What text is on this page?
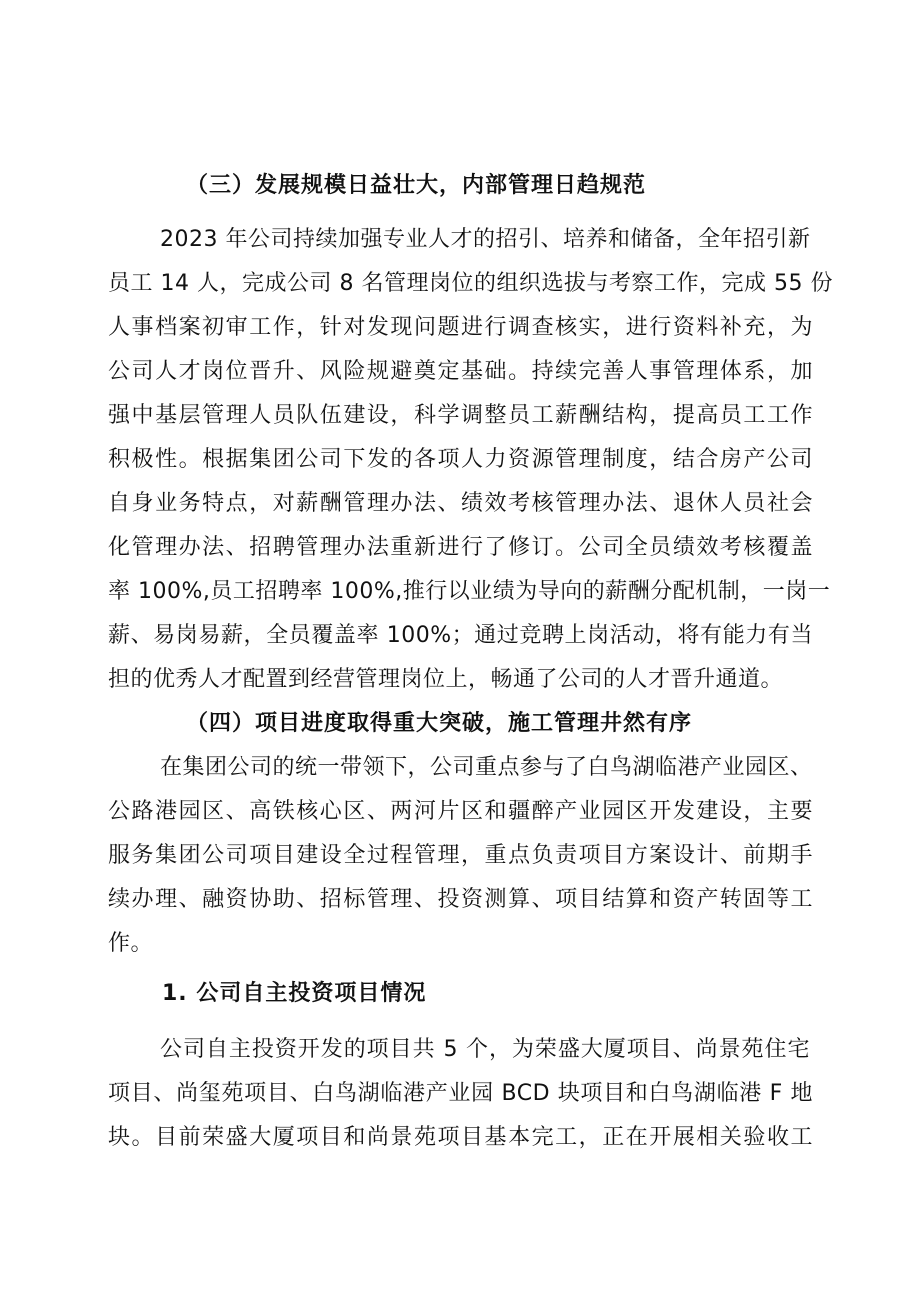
（三）发展规模日益壮大，内部管理日趋规范
2023 年公司持续加强专业人才的招引、培养和储备，全年招引新
员工 14 人，完成公司 8 名管理岗位的组织选拔与考察工作，完成 55 份
人事档案初审工作，针对发现问题进行调查核实，进行资料补充，为
公司人才岗位晋升、风险规避奠定基础。持续完善人事管理体系，加
强中基层管理人员队伍建设，科学调整员工薪酬结构，提高员工工作
积极性。根据集团公司下发的各项人力资源管理制度，结合房产公司
自身业务特点，对薪酬管理办法、绩效考核管理办法、退休人员社会
化管理办法、招聘管理办法重新进行了修订。公司全员绩效考核覆盖
率 100%,员工招聘率 100%,推行以业绩为导向的薪酬分配机制，一岗一
薪、易岗易薪，全员覆盖率 100%；通过竞聘上岗活动，将有能力有当
担的优秀人才配置到经营管理岗位上，畅通了公司的人才晋升通道。
（四）项目进度取得重大突破，施工管理井然有序
在集团公司的统一带领下，公司重点参与了白鸟湖临港产业园区、
公路港园区、高铁核心区、两河片区和疆醉产业园区开发建设，主要
服务集团公司项目建设全过程管理，重点负责项目方案设计、前期手
续办理、融资协助、招标管理、投资测算、项目结算和资产转固等工
作。
1. 公司自主投资项目情况
公司自主投资开发的项目共 5 个，为荣盛大厦项目、尚景苑住宅
项目、尚玺苑项目、白鸟湖临港产业园 BCD 块项目和白鸟湖临港 F 地
块。目前荣盛大厦项目和尚景苑项目基本完工，正在开展相关验收工
